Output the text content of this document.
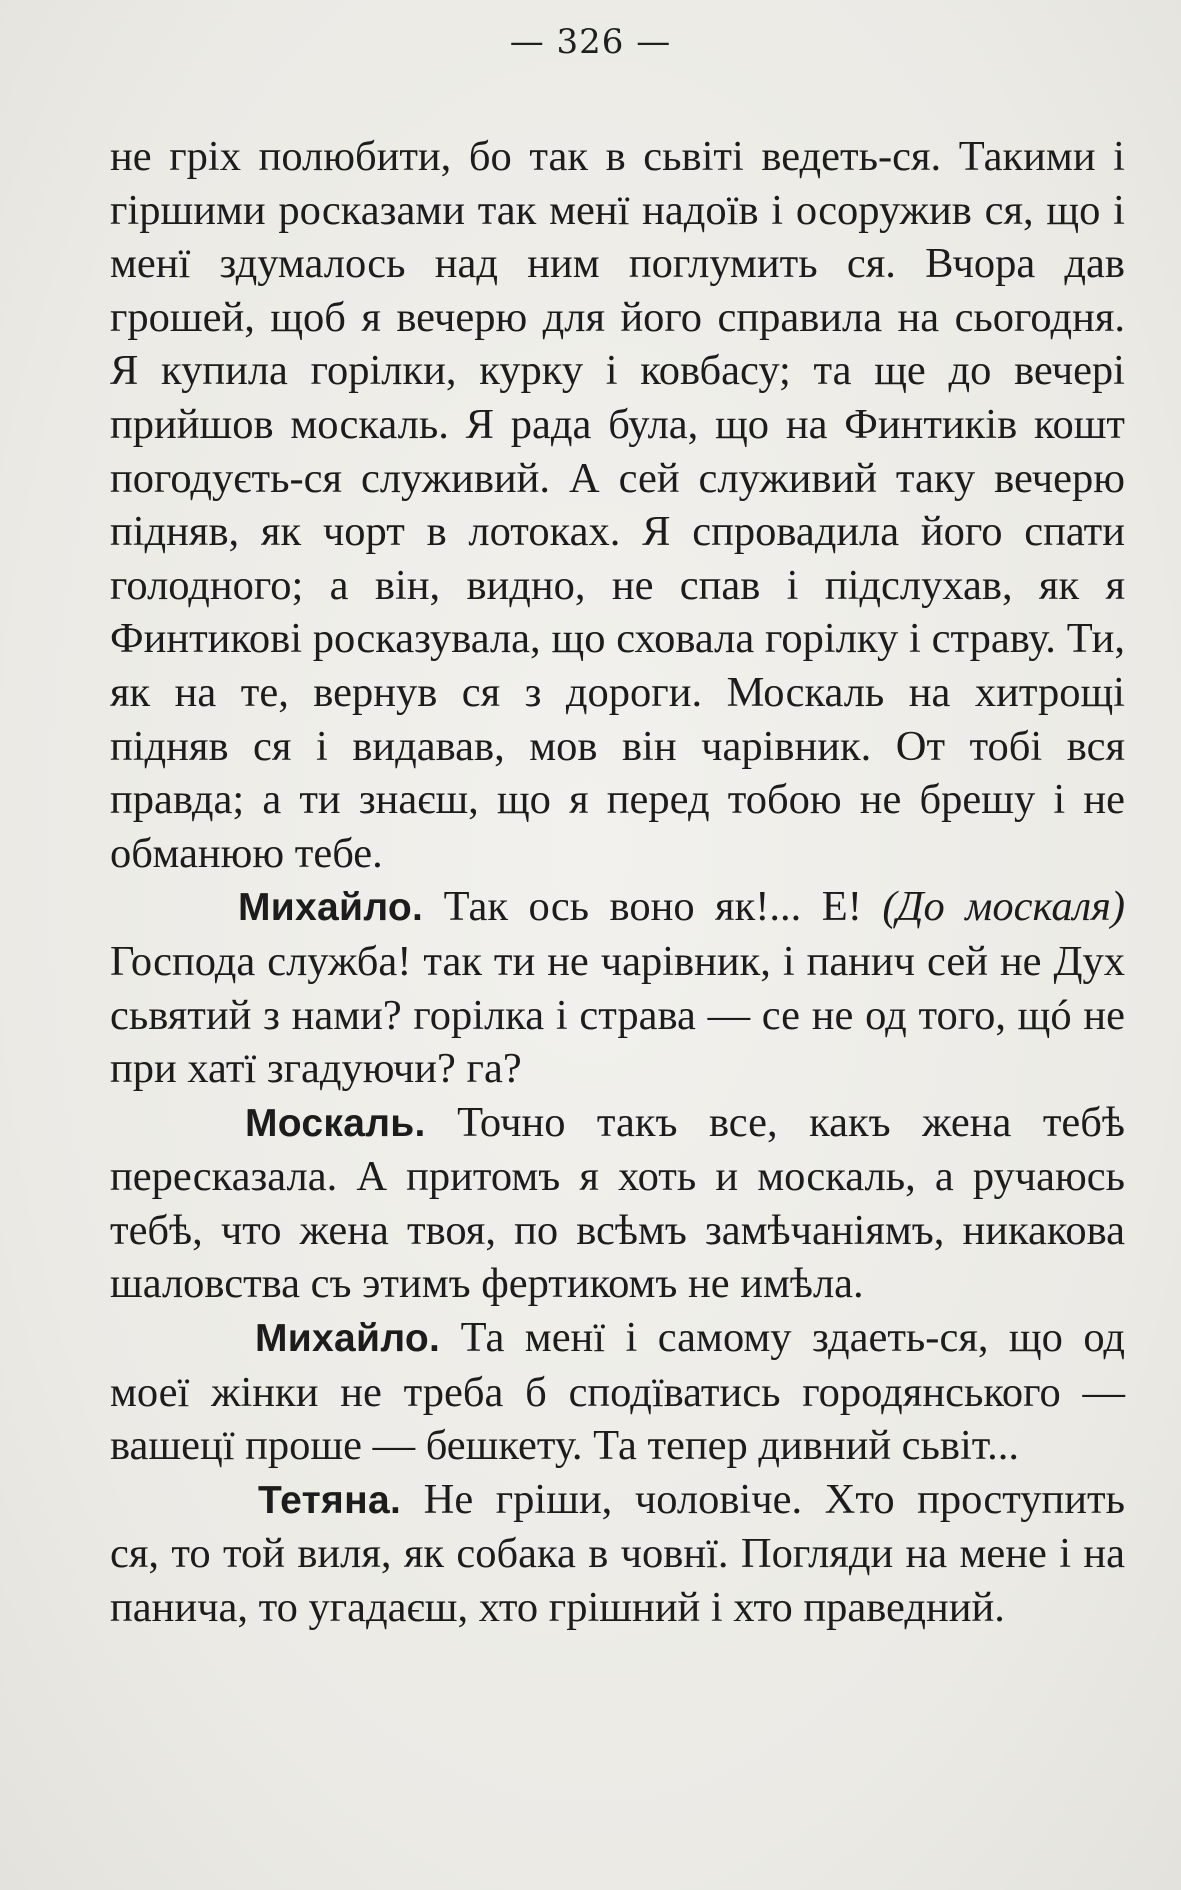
— 326 —

не гріх полюбити, бо так в сьвіті ведеть-ся. Такими і гіршими росказами так менї надоїв і осоружив ся, що і менї здумалось над ним поглумить ся. Вчора дав грошей, щоб я вечерю для його справила на сьогодня. Я купила горілки, курку і ковбасу; та ще до вечері прийшов москаль. Я рада була, що на Финтиків кошт погодуєть-ся служивий. А сей служивий таку вечерю підняв, як чорт в лотоках. Я спровадила його спати голодного; а він, видно, не спав і підслухав, як я Финтикові росказувала, що сховала горілку і страву. Ти, як на те, вернув ся з дороги. Москаль на хитрощі підняв ся і видавав, мов він чарівник. От тобі вся правда; а ти знаєш, що я перед тобою не брешу і не обманюю тебе.

Михайло. Так ось воно як!... Е! (До москаля) Господа служба! так ти не чарівник, і панич сей не Дух сьвятий з нами? горілка і страва — се не од того, щó не при хатї згадуючи? га?

Москаль. Точно такъ все, какъ жена тебѣ пересказала. А притомъ я хоть и москаль, а ручаюсь тебѣ, что жена твоя, по всѣмъ замѣчаніямъ, никакова шаловства съ этимъ фертикомъ не имѣла.

Михайло. Та менї і самому здаеть-ся, що од моеї жінки не треба б сподїватись городянського — вашецї проше — бешкету. Та тепер дивний сьвіт...

Тетяна. Не гріши, чоловіче. Хто проступить ся, то той виля, як собака в човнї. Погляди на мене і на панича, то угадаєш, хто грішний і хто праведний.
